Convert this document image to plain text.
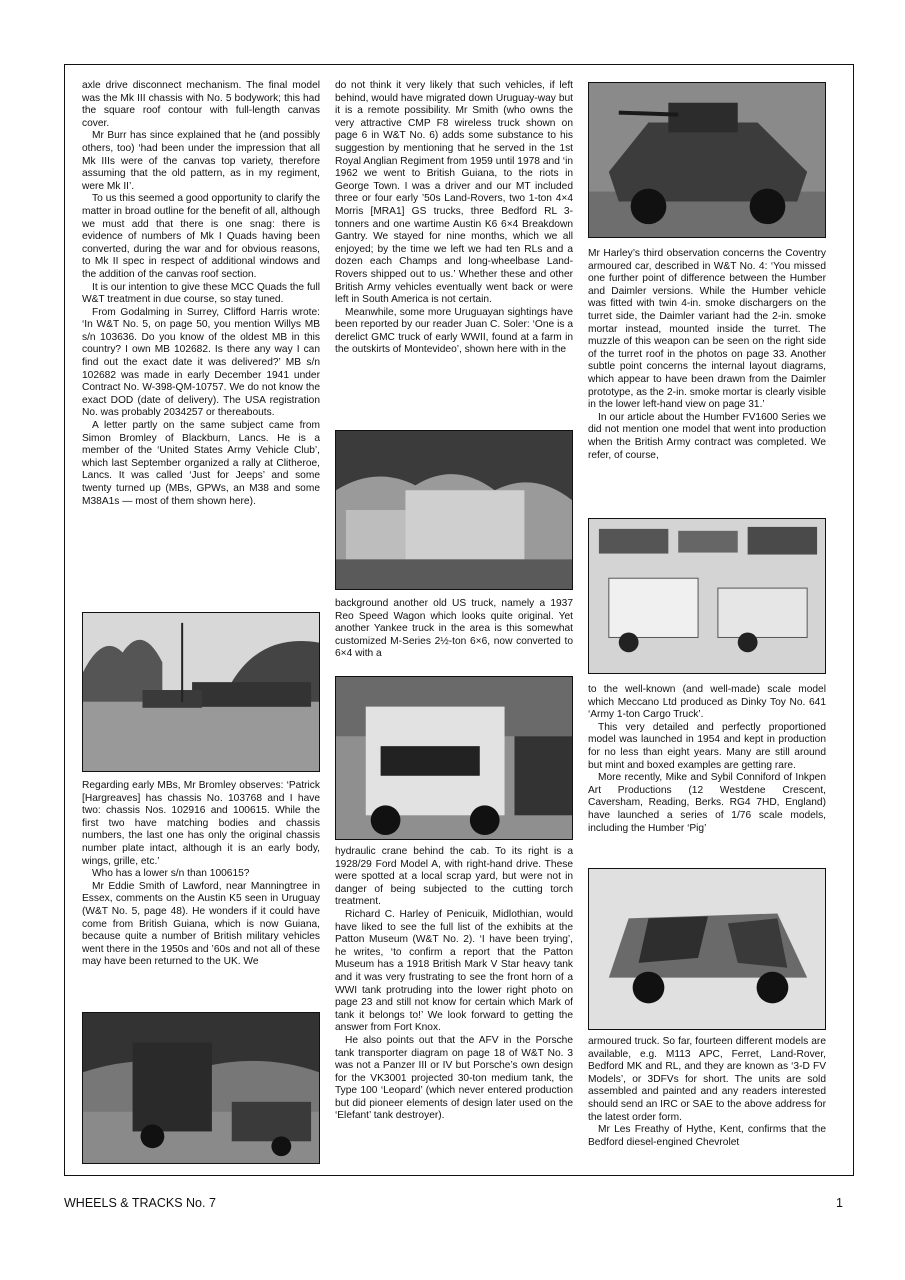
axle drive disconnect mechanism. The final model was the Mk III chassis with No. 5 bodywork; this had the square roof contour with full-length canvas cover.

Mr Burr has since explained that he (and possibly others, too) ‘had been under the impression that all Mk IIIs were of the canvas top variety, therefore assuming that the old pattern, as in my regiment, were Mk II’.

To us this seemed a good opportunity to clarify the matter in broad outline for the benefit of all, although we must add that there is one snag: there is evidence of numbers of Mk I Quads having been converted, during the war and for obvious reasons, to Mk II spec in respect of additional windows and the addition of the canvas roof section.

It is our intention to give these MCC Quads the full W&T treatment in due course, so stay tuned.

From Godalming in Surrey, Clifford Harris wrote: ‘In W&T No. 5, on page 50, you mention Willys MB s/n 103636. Do you know of the oldest MB in this country? I own MB 102682. Is there any way I can find out the exact date it was delivered?’ MB s/n 102682 was made in early December 1941 under Contract No. W-398-QM-10757. We do not know the exact DOD (date of delivery). The USA registration No. was probably 2034257 or thereabouts.

A letter partly on the same subject came from Simon Bromley of Blackburn, Lancs. He is a member of the ‘United States Army Vehicle Club’, which last September organized a rally at Clitheroe, Lancs. It was called ‘Just for Jeeps’ and some twenty turned up (MBs, GPWs, an M38 and some M38A1s — most of them shown here).

Regarding early MBs, Mr Bromley observes: ‘Patrick [Hargreaves] has chassis No. 103768 and I have two: chassis Nos. 102916 and 100615. While the first two have matching bodies and chassis numbers, the last one has only the original chassis number plate intact, although it is an early body, wings, grille, etc.’

Who has a lower s/n than 100615?

Mr Eddie Smith of Lawford, near Manningtree in Essex, comments on the Austin K5 seen in Uruguay (W&T No. 5, page 48). He wonders if it could have come from British Guiana, which is now Guiana, because quite a number of British military vehicles went there in the 1950s and ’60s and not all of these may have been returned to the UK. We

do not think it very likely that such vehicles, if left behind, would have migrated down Uruguay-way but it is a remote possibility. Mr Smith (who owns the very attractive CMP F8 wireless truck shown on page 6 in W&T No. 6) adds some substance to his suggestion by mentioning that he served in the 1st Royal Anglian Regiment from 1959 until 1978 and ‘in 1962 we went to British Guiana, to the riots in George Town. I was a driver and our MT included three or four early ’50s Land-Rovers, two 1-ton 4×4 Morris [MRA1] GS trucks, three Bedford RL 3-tonners and one wartime Austin K6 6×4 Breakdown Gantry. We stayed for nine months, which we all enjoyed; by the time we left we had ten RLs and a dozen each Champs and long-wheelbase Land-Rovers shipped out to us.’ Whether these and other British Army vehicles eventually went back or were left in South America is not certain.

Meanwhile, some more Uruguayan sightings have been reported by our reader Juan C. Soler: ‘One is a derelict GMC truck of early WWII, found at a farm in the outskirts of Montevideo’, shown here with in the

background another old US truck, namely a 1937 Reo Speed Wagon which looks quite original. Yet another Yankee truck in the area is this somewhat customized M-Series 2½-ton 6×6, now converted to 6×4 with a

hydraulic crane behind the cab. To its right is a 1928/29 Ford Model A, with right-hand drive. These were spotted at a local scrap yard, but were not in danger of being subjected to the cutting torch treatment.

Richard C. Harley of Penicuik, Midlothian, would have liked to see the full list of the exhibits at the Patton Museum (W&T No. 2). ‘I have been trying’, he writes, ‘to confirm a report that the Patton Museum has a 1918 British Mark V Star heavy tank and it was very frustrating to see the front horn of a WWI tank protruding into the lower right photo on page 23 and still not know for certain which Mark of tank it belongs to!’ We look forward to getting the answer from Fort Knox.

He also points out that the AFV in the Porsche tank transporter diagram on page 18 of W&T No. 3 was not a Panzer III or IV but Porsche’s own design for the VK3001 projected 30-ton medium tank, the Type 100 ‘Leopard’ (which never entered production but did pioneer elements of design later used on the ‘Elefant’ tank destroyer).

Mr Harley’s third observation concerns the Coventry armoured car, described in W&T No. 4: ‘You missed one further point of difference between the Humber and Daimler versions. While the Humber vehicle was fitted with twin 4-in. smoke dischargers on the turret side, the Daimler variant had the 2-in. smoke mortar instead, mounted inside the turret. The muzzle of this weapon can be seen on the right side of the turret roof in the photos on page 33. Another subtle point concerns the internal layout diagrams, which appear to have been drawn from the Daimler prototype, as the 2-in. smoke mortar is clearly visible in the lower left-hand view on page 31.’

In our article about the Humber FV1600 Series we did not mention one model that went into production when the British Army contract was completed. We refer, of course,

to the well-known (and well-made) scale model which Meccano Ltd produced as Dinky Toy No. 641 ‘Army 1-ton Cargo Truck’.

This very detailed and perfectly proportioned model was launched in 1954 and kept in production for no less than eight years. Many are still around but mint and boxed examples are getting rare.

More recently, Mike and Sybil Conniford of Inkpen Art Productions (12 Westdene Crescent, Caversham, Reading, Berks. RG4 7HD, England) have launched a series of 1/76 scale models, including the Humber ‘Pig’

armoured truck. So far, fourteen different models are available, e.g. M113 APC, Ferret, Land-Rover, Bedford MK and RL, and they are known as ‘3-D FV Models’, or 3DFVs for short. The units are sold assembled and painted and any readers interested should send an IRC or SAE to the above address for the latest order form.

Mr Les Freathy of Hythe, Kent, confirms that the Bedford diesel-engined Chevrolet

WHEELS & TRACKS No. 7	1
